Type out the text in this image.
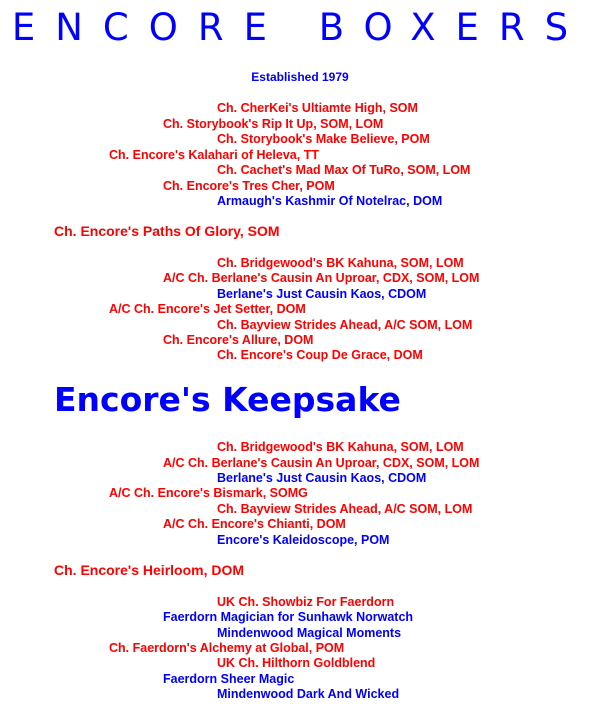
ENCORE BOXERS
Established 1979
Ch. CherKei's Ultiamte High, SOM
Ch. Storybook's Rip It Up, SOM, LOM
Ch. Storybook's Make Believe, POM
Ch. Encore's Kalahari of Heleva, TT
Ch. Cachet's Mad Max Of TuRo, SOM, LOM
Ch. Encore's Tres Cher, POM
Armaugh's Kashmir Of Notelrac, DOM
Ch. Encore's Paths Of Glory, SOM
Ch. Bridgewood's BK Kahuna, SOM, LOM
A/C Ch. Berlane's Causin An Uproar, CDX, SOM, LOM
Berlane's Just Causin Kaos, CDOM
A/C Ch. Encore's Jet Setter, DOM
Ch. Bayview Strides Ahead, A/C SOM, LOM
Ch. Encore's Allure, DOM
Ch. Encore's Coup De Grace, DOM
Encore's Keepsake
Ch. Bridgewood's BK Kahuna, SOM, LOM
A/C Ch. Berlane's Causin An Uproar, CDX, SOM, LOM
Berlane's Just Causin Kaos, CDOM
A/C Ch. Encore's Bismark, SOMG
Ch. Bayview Strides Ahead, A/C SOM, LOM
A/C Ch. Encore's Chianti, DOM
Encore's Kaleidoscope, POM
Ch. Encore's Heirloom, DOM
UK Ch. Showbiz For Faerdorn
Faerdorn Magician for Sunhawk Norwatch
Mindenwood Magical Moments
Ch. Faerdorn's Alchemy at Global, POM
UK Ch. Hilthorn Goldblend
Faerdorn Sheer Magic
Mindenwood Dark And Wicked
